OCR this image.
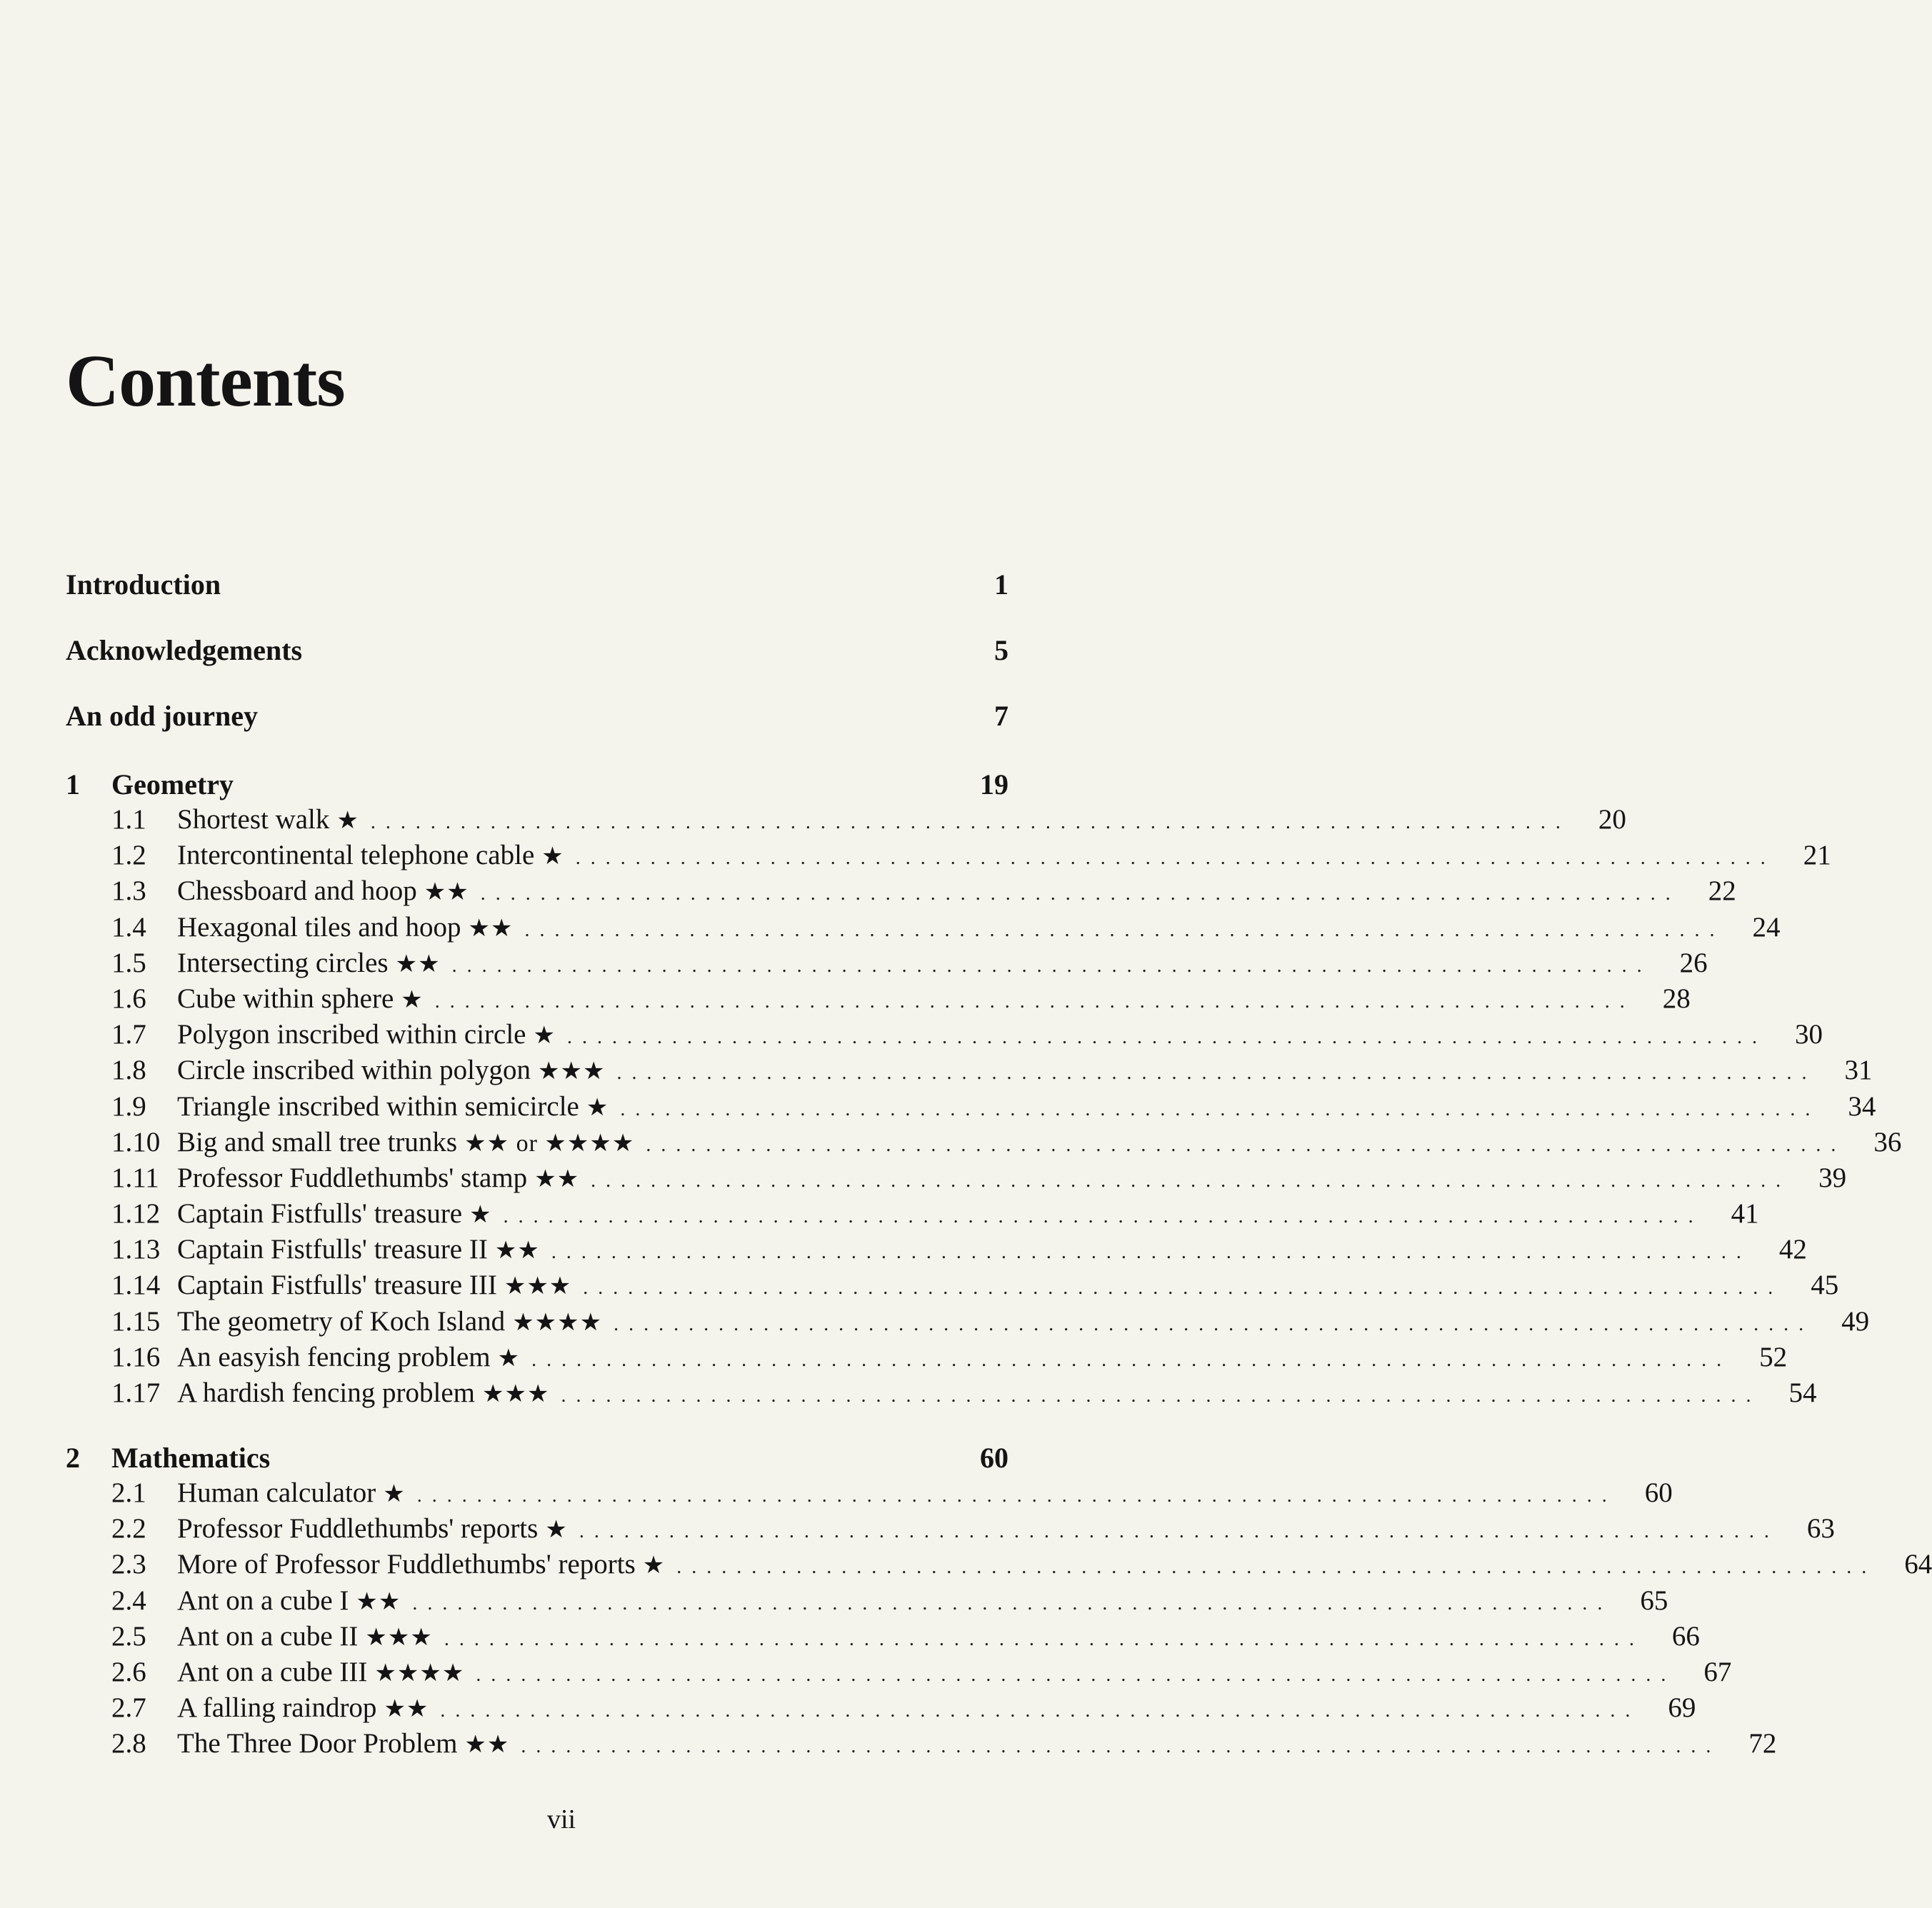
Contents
Introduction	1
Acknowledgements	5
An odd journey	7
1	Geometry	19
1.1	Shortest walk ★ ................................................................................	20
1.2	Intercontinental telephone cable ★ ................................................................................	21
1.3	Chessboard and hoop ★★ ................................................................................	22
1.4	Hexagonal tiles and hoop ★★ ................................................................................	24
1.5	Intersecting circles ★★ ................................................................................	26
1.6	Cube within sphere ★ ................................................................................	28
1.7	Polygon inscribed within circle ★ ................................................................................	30
1.8	Circle inscribed within polygon ★★★ ................................................................................	31
1.9	Triangle inscribed within semicircle ★ ................................................................................	34
1.10 Big and small tree trunks ★★ or ★★★★ ................................................................................	36
1.11 Professor Fuddlethumbs' stamp ★★ ................................................................................	39
1.12 Captain Fistfulls' treasure ★ ................................................................................	41
1.13 Captain Fistfulls' treasure II ★★ ................................................................................	42
1.14 Captain Fistfulls' treasure III ★★★ ................................................................................	45
1.15 The geometry of Koch Island ★★★★ ................................................................................	49
1.16 An easyish fencing problem ★ ................................................................................	52
1.17 A hardish fencing problem ★★★ ................................................................................	54
2	Mathematics	60
2.1	Human calculator ★ ................................................................................	60
2.2	Professor Fuddlethumbs' reports ★ ................................................................................	63
2.3	More of Professor Fuddlethumbs' reports ★ ................................................................................	64
2.4	Ant on a cube I ★★ ................................................................................	65
2.5	Ant on a cube II ★★★ ................................................................................	66
2.6	Ant on a cube III ★★★★ ................................................................................	67
2.7	A falling raindrop ★★ ................................................................................	69
2.8	The Three Door Problem ★★ ................................................................................	72
vii
